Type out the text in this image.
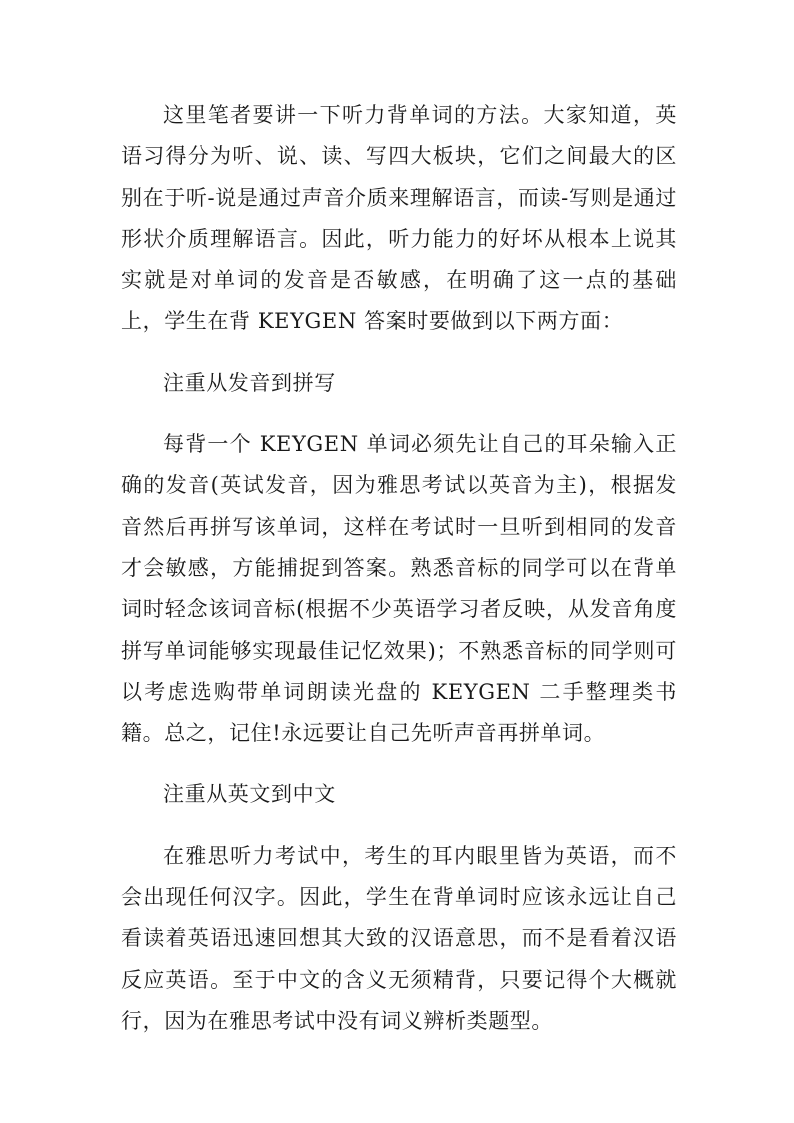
这里笔者要讲一下听力背单词的方法。大家知道，英语习得分为听、说、读、写四大板块，它们之间最大的区别在于听-说是通过声音介质来理解语言，而读-写则是通过形状介质理解语言。因此，听力能力的好坏从根本上说其实就是对单词的发音是否敏感，在明确了这一点的基础上，学生在背 KEYGEN 答案时要做到以下两方面：

注重从发音到拼写

每背一个 KEYGEN 单词必须先让自己的耳朵输入正确的发音(英试发音，因为雅思考试以英音为主)，根据发音然后再拼写该单词，这样在考试时一旦听到相同的发音才会敏感，方能捕捉到答案。熟悉音标的同学可以在背单词时轻念该词音标(根据不少英语学习者反映，从发音角度拼写单词能够实现最佳记忆效果)；不熟悉音标的同学则可以考虑选购带单词朗读光盘的 KEYGEN 二手整理类书籍。总之，记住!永远要让自己先听声音再拼单词。

注重从英文到中文

在雅思听力考试中，考生的耳内眼里皆为英语，而不会出现任何汉字。因此，学生在背单词时应该永远让自己看读着英语迅速回想其大致的汉语意思，而不是看着汉语反应英语。至于中文的含义无须精背，只要记得个大概就行，因为在雅思考试中没有词义辨析类题型。
